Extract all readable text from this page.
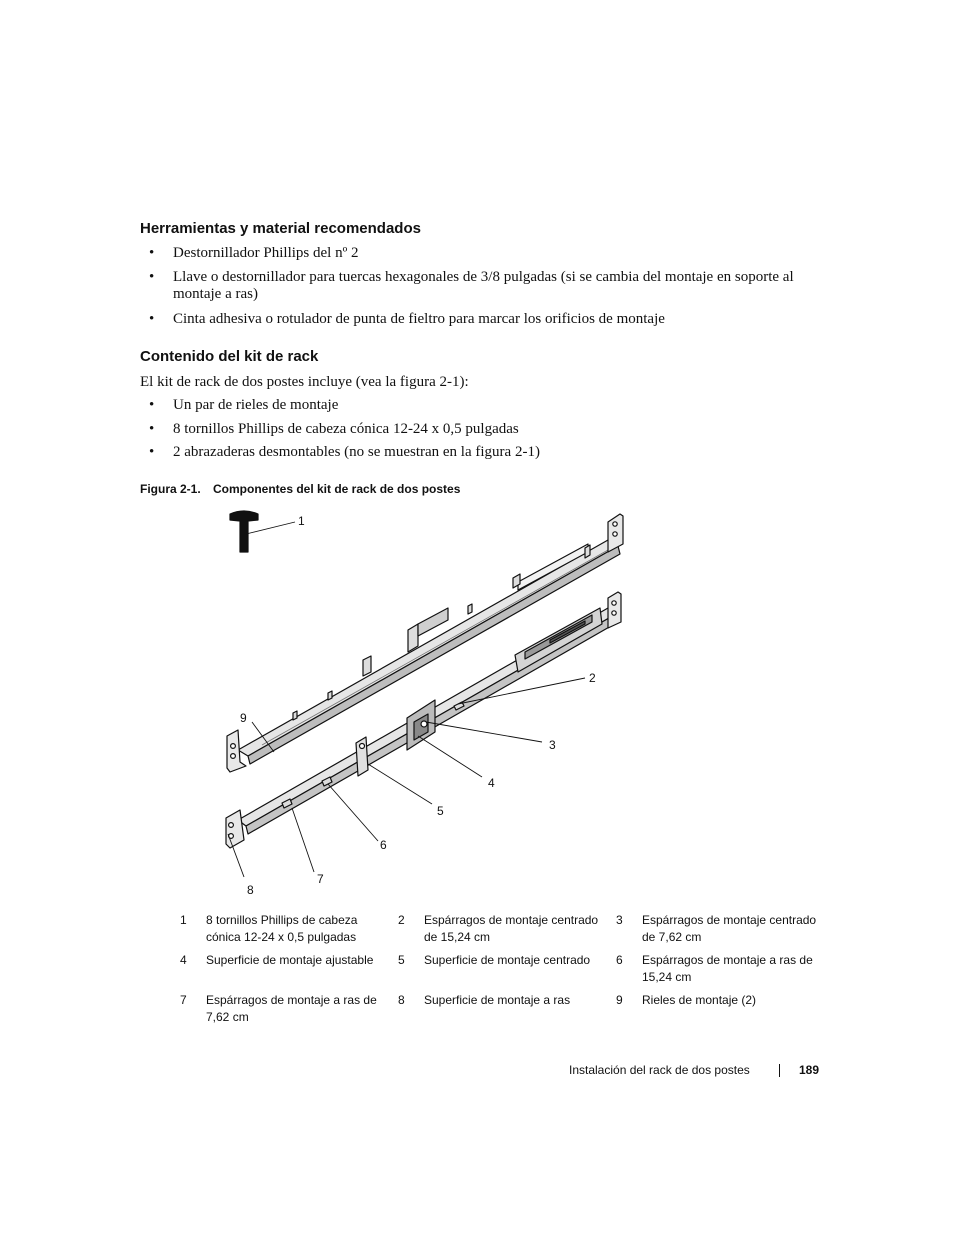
Herramientas y material recomendados
• Destornillador Phillips del nº 2
• Llave o destornillador para tuercas hexagonales de 3/8 pulgadas (si se cambia del montaje en soporte al montaje a ras)
• Cinta adhesiva o rotulador de punta de fieltro para marcar los orificios de montaje
Contenido del kit de rack
El kit de rack de dos postes incluye (vea la figura 2-1):
• Un par de rieles de montaje
• 8 tornillos Phillips de cabeza cónica 12-24 x 0,5 pulgadas
• 2 abrazaderas desmontables (no se muestran en la figura 2-1)
Figura 2-1. Componentes del kit de rack de dos postes
1
2
3
4
5
6
7
8
9
1	8 tornillos Phillips de cabeza cónica 12-24 x 0,5 pulgadas	2	Espárragos de montaje centrado de 15,24 cm	3	Espárragos de montaje centrado de 7,62 cm
4	Superficie de montaje ajustable	5	Superficie de montaje centrado	6	Espárragos de montaje a ras de 15,24 cm
7	Espárragos de montaje a ras de 7,62 cm	8	Superficie de montaje a ras	9	Rieles de montaje (2)
Instalación del rack de dos postes	189
